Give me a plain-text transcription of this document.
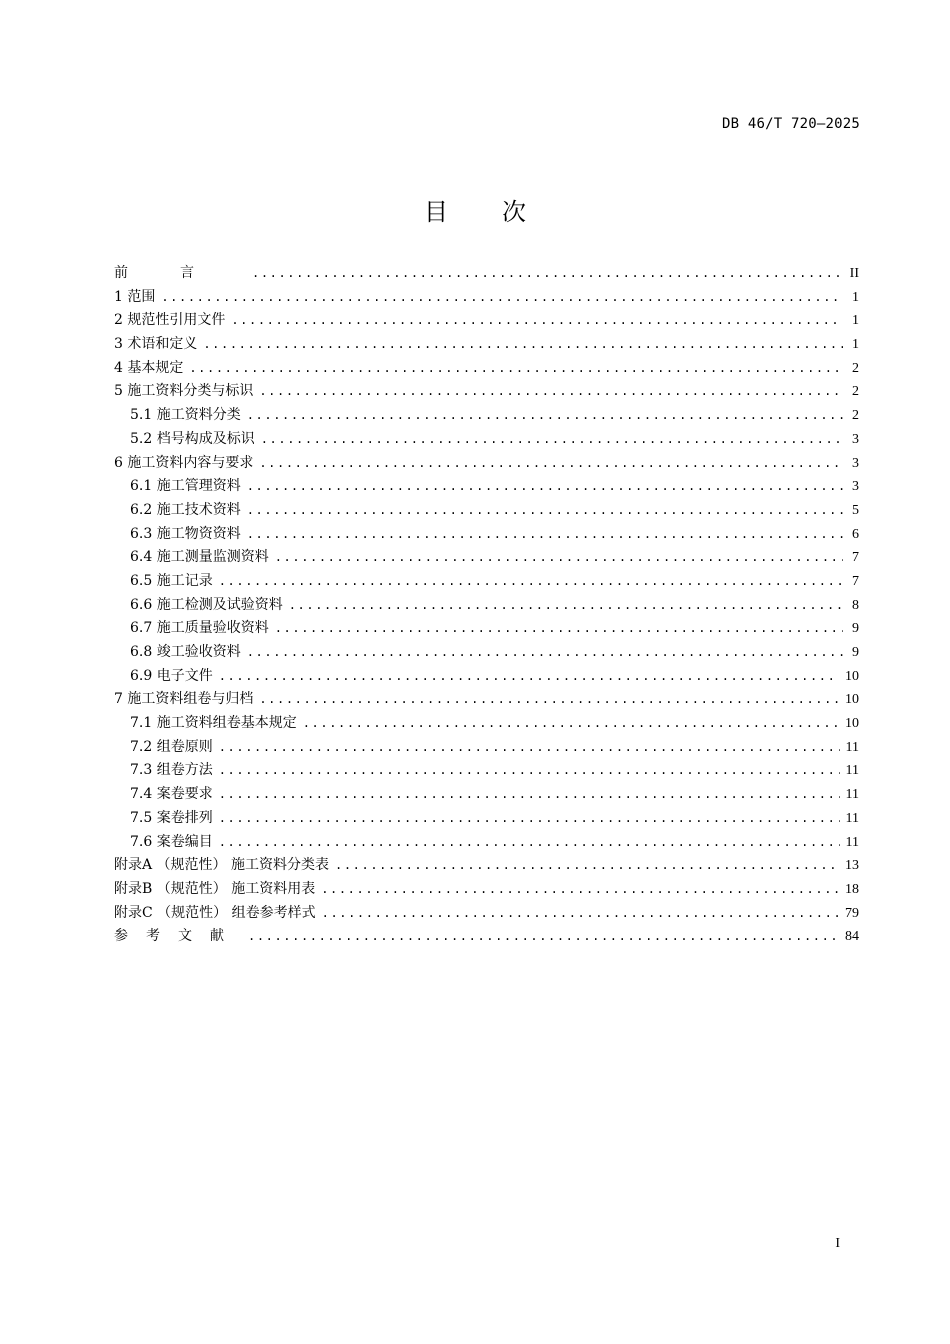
DB 46/T 720—2025
目次
前言 .....	II
1 范围 .....	1
2 规范性引用文件 .....	1
3 术语和定义 .....	1
4 基本规定 .....	2
5 施工资料分类与标识 .....	2
5.1 施工资料分类 .....	2
5.2 档号构成及标识 .....	3
6 施工资料内容与要求 .....	3
6.1 施工管理资料 .....	3
6.2 施工技术资料 .....	5
6.3 施工物资资料 .....	6
6.4 施工测量监测资料 .....	7
6.5 施工记录 .....	7
6.6 施工检测及试验资料 .....	8
6.7 施工质量验收资料 .....	9
6.8 竣工验收资料 .....	9
6.9 电子文件 .....	10
7 施工资料组卷与归档 .....	10
7.1 施工资料组卷基本规定 .....	10
7.2 组卷原则 .....	11
7.3 组卷方法 .....	11
7.4 案卷要求 .....	11
7.5 案卷排列 .....	11
7.6 案卷编目 .....	11
附录A （规范性） 施工资料分类表 .....	13
附录B （规范性） 施工资料用表 .....	18
附录C （规范性） 组卷参考样式 .....	79
参考文献 .....	84
I
